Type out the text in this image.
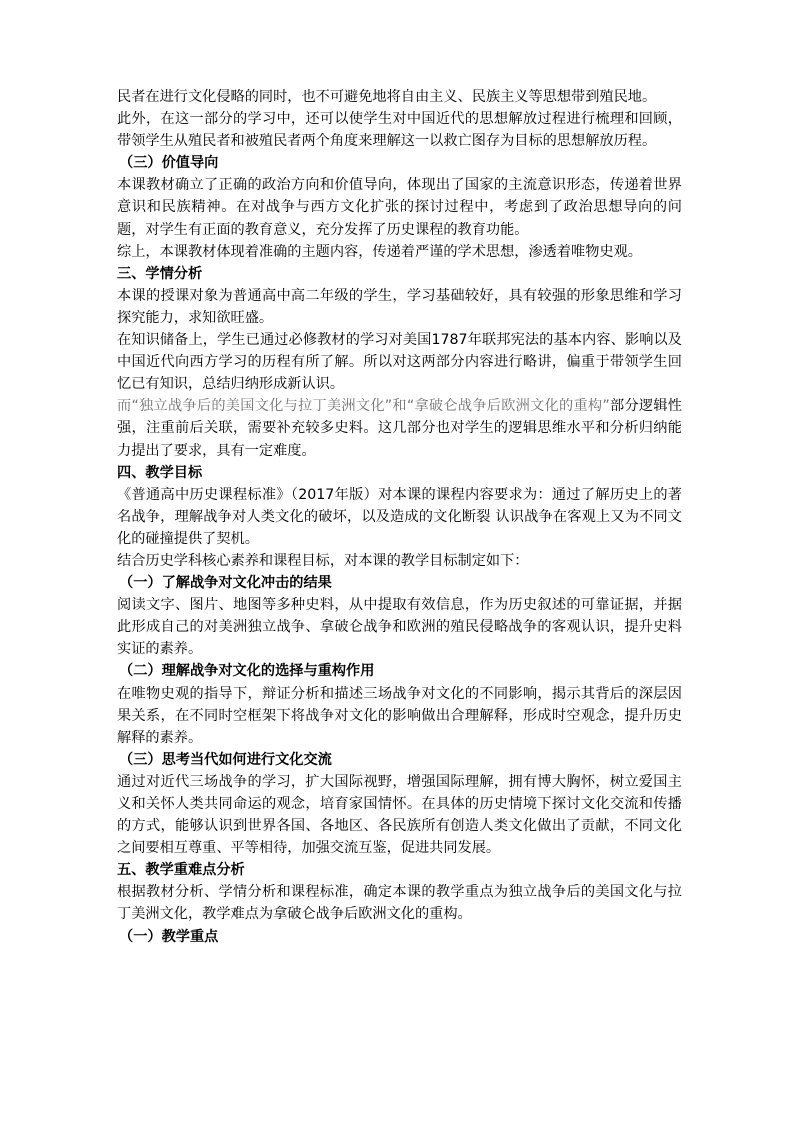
民者在进行文化侵略的同时，也不可避免地将自由主义、民族主义等思想带到殖民地。

此外，在这一部分的学习中，还可以使学生对中国近代的思想解放过程进行梳理和回顾，带领学生从殖民者和被殖民者两个角度来理解这一以救亡图存为目标的思想解放历程。

（三）价值导向

本课教材确立了正确的政治方向和价值导向，体现出了国家的主流意识形态，传递着世界意识和民族精神。在对战争与西方文化扩张的探讨过程中，考虑到了政治思想导向的问题，对学生有正面的教育意义，充分发挥了历史课程的教育功能。

综上，本课教材体现着准确的主题内容，传递着严谨的学术思想，渗透着唯物史观。

三、学情分析

本课的授课对象为普通高中高二年级的学生，学习基础较好，具有较强的形象思维和学习探究能力，求知欲旺盛。

在知识储备上，学生已通过必修教材的学习对美国1787年联邦宪法的基本内容、影响以及中国近代向西方学习的历程有所了解。所以对这两部分内容进行略讲，偏重于带领学生回忆已有知识，总结归纳形成新认识。

而“独立战争后的美国文化与拉丁美洲文化”和“拿破仑战争后欧洲文化的重构”部分逻辑性强，注重前后关联，需要补充较多史料。这几部分也对学生的逻辑思维水平和分析归纳能力提出了要求，具有一定难度。

四、教学目标

《普通高中历史课程标准》（2017年版）对本课的课程内容要求为：通过了解历史上的著名战争，理解战争对人类文化的破坏，以及造成的文化断裂 认识战争在客观上又为不同文化的碰撞提供了契机。

结合历史学科核心素养和课程目标，对本课的教学目标制定如下：

（一）了解战争对文化冲击的结果

阅读文字、图片、地图等多种史料，从中提取有效信息，作为历史叙述的可靠证据，并据此形成自己的对美洲独立战争、拿破仑战争和欧洲的殖民侵略战争的客观认识，提升史料实证的素养。

（二）理解战争对文化的选择与重构作用

在唯物史观的指导下，辩证分析和描述三场战争对文化的不同影响，揭示其背后的深层因果关系，在不同时空框架下将战争对文化的影响做出合理解释，形成时空观念，提升历史解释的素养。

（三）思考当代如何进行文化交流

通过对近代三场战争的学习，扩大国际视野，增强国际理解，拥有博大胸怀，树立爱国主义和关怀人类共同命运的观念，培育家国情怀。在具体的历史情境下探讨文化交流和传播的方式，能够认识到世界各国、各地区、各民族所有创造人类文化做出了贡献，不同文化之间要相互尊重、平等相待，加强交流互鉴，促进共同发展。

五、教学重难点分析

根据教材分析、学情分析和课程标准，确定本课的教学重点为独立战争后的美国文化与拉丁美洲文化，教学难点为拿破仑战争后欧洲文化的重构。

（一）教学重点
